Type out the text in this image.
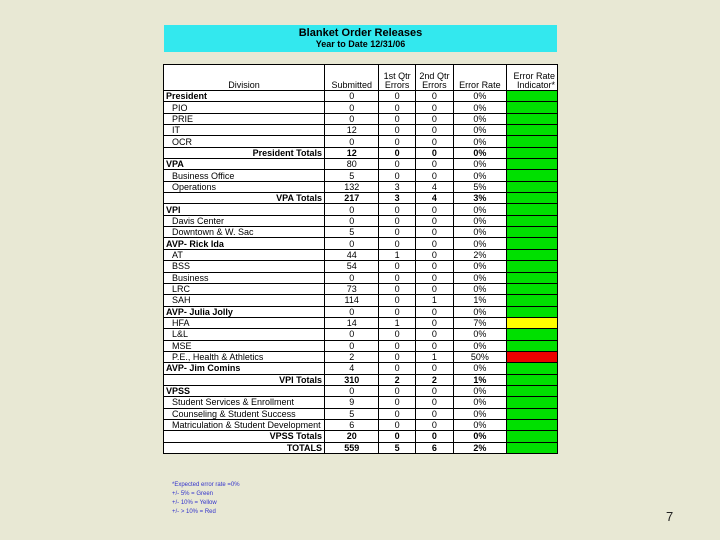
Blanket Order Releases
Year to Date 12/31/06
Division	Submitted	1st Qtr Errors	2nd Qtr Errors	Error Rate	Error Rate Indicator*
President	0	0	0	0%	
PIO	0	0	0	0%	
PRIE	0	0	0	0%	
IT	12	0	0	0%	
OCR	0	0	0	0%	
President Totals	12	0	0	0%	
VPA	80	0	0	0%	
Business Office	5	0	0	0%	
Operations	132	3	4	5%	
VPA Totals	217	3	4	3%	
VPI	0	0	0	0%	
Davis Center	0	0	0	0%	
Downtown & W. Sac	5	0	0	0%	
AVP- Rick Ida	0	0	0	0%	
AT	44	1	0	2%	
BSS	54	0	0	0%	
Business	0	0	0	0%	
LRC	73	0	0	0%	
SAH	114	0	1	1%	
AVP- Julia Jolly	0	0	0	0%	
HFA	14	1	0	7%	
L&L	0	0	0	0%	
MSE	0	0	0	0%	
P.E., Health & Athletics	2	0	1	50%	
AVP- Jim Comins	4	0	0	0%	
VPI Totals	310	2	2	1%	
VPSS	0	0	0	0%	
Student Services & Enrollment	9	0	0	0%	
Counseling & Student Success	5	0	0	0%	
Matriculation & Student Development	6	0	0	0%	
VPSS Totals	20	0	0	0%	
TOTALS	559	5	6	2%	
*Expected error rate =0%
+/- 5% = Green
+/- 10% = Yellow
+/- > 10% = Red	7
